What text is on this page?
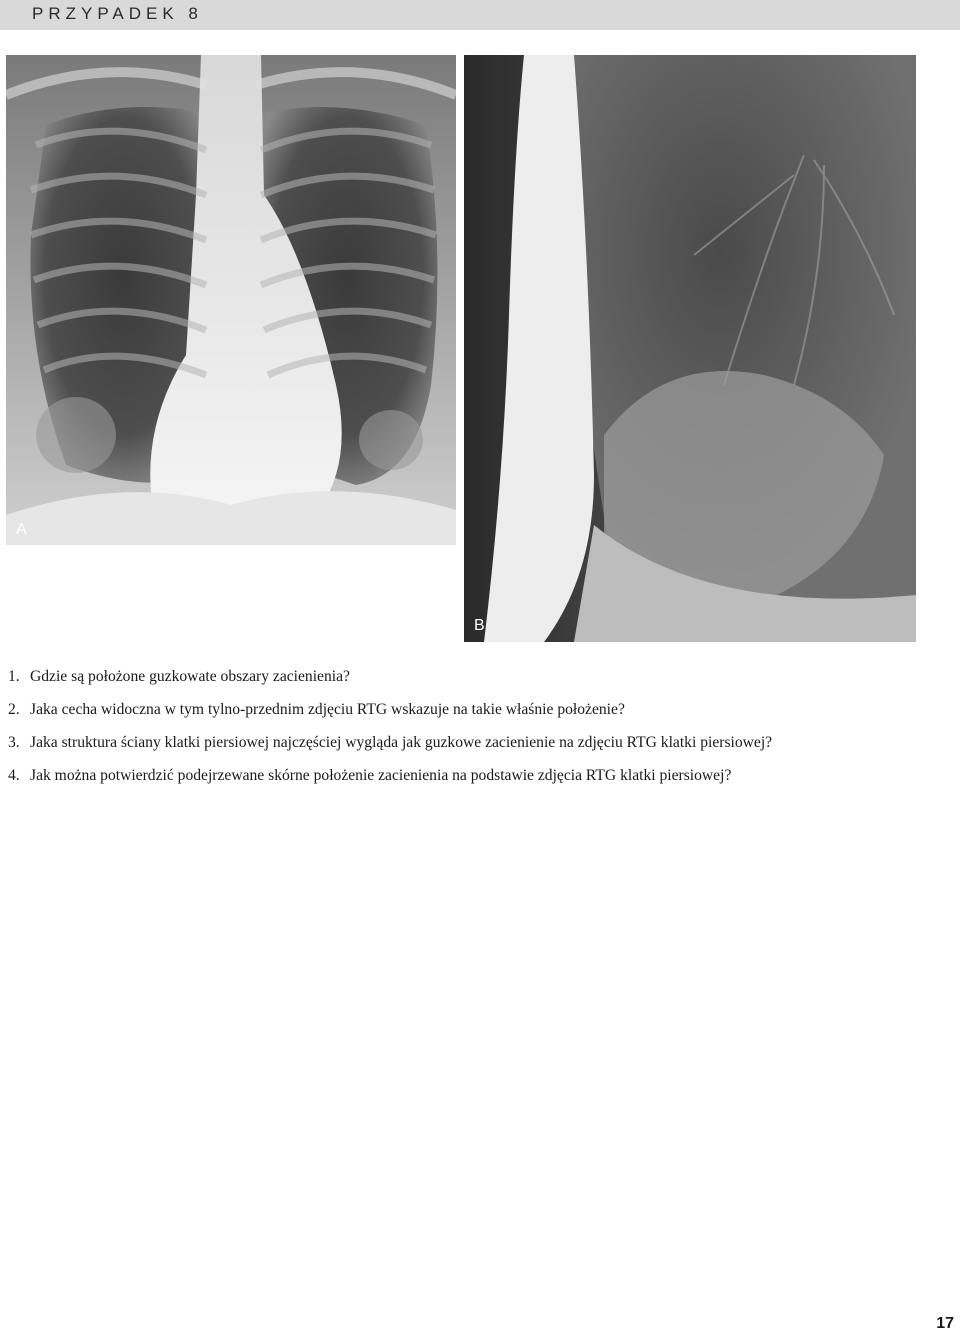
PRZYPADEK 8
A
B
1. Gdzie są położone guzkowate obszary zacienienia?
2. Jaka cecha widoczna w tym tylno-przednim zdjęciu RTG wskazuje na takie właśnie położenie?
3. Jaka struktura ściany klatki piersiowej najczęściej wygląda jak guzkowe zacienienie na zdjęciu RTG klatki piersiowej?
4. Jak można potwierdzić podejrzewane skórne położenie zacienienia na podstawie zdjęcia RTG klatki piersiowej?
17
